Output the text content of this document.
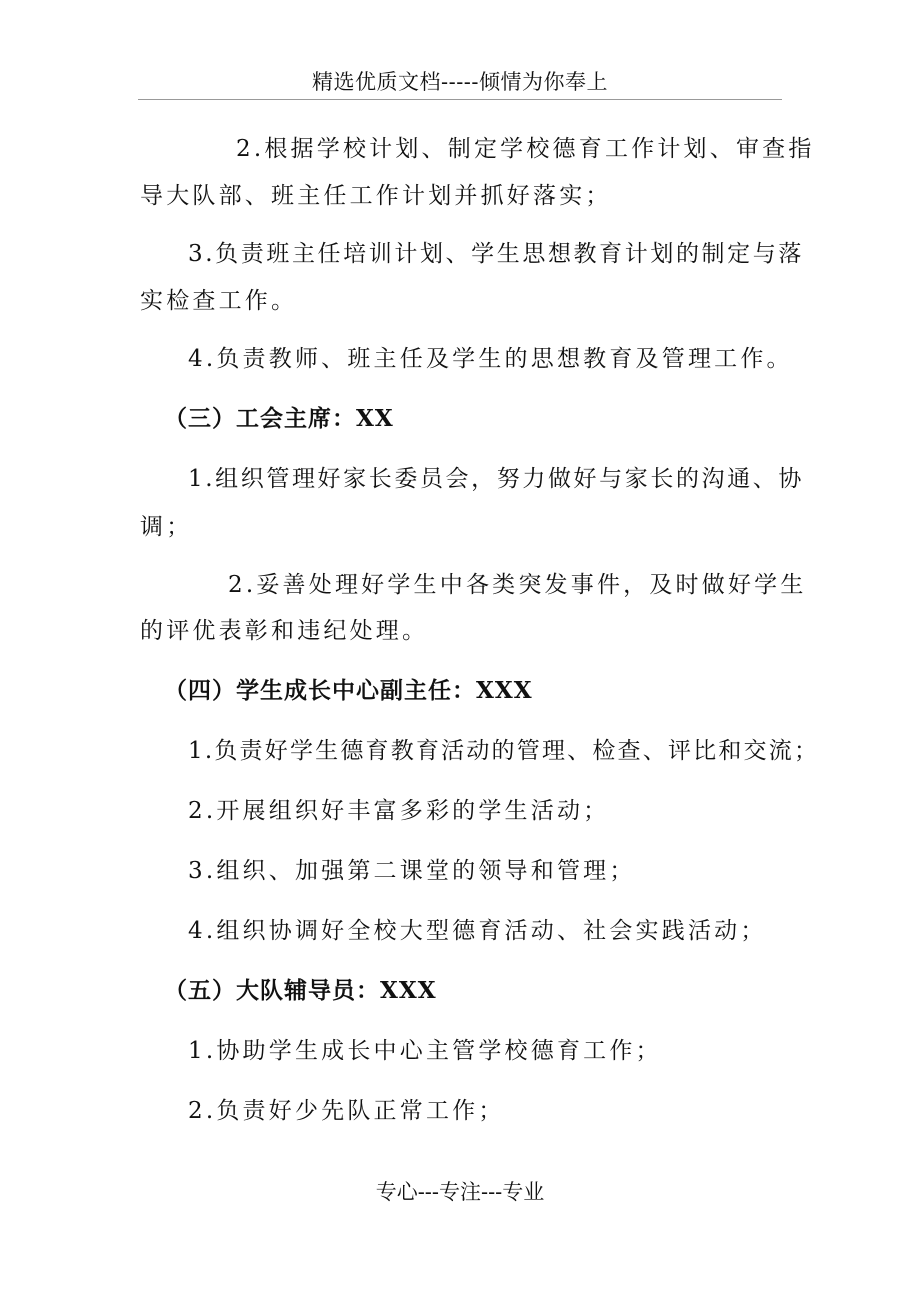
精选优质文档-----倾情为你奉上
2.根据学校计划、制定学校德育工作计划、审查指
导大队部、班主任工作计划并抓好落实；
3.负责班主任培训计划、学生思想教育计划的制定与落
实检查工作。
4.负责教师、班主任及学生的思想教育及管理工作。
（三）工会主席：XX
1.组织管理好家长委员会，努力做好与家长的沟通、协
调；
2.妥善处理好学生中各类突发事件，及时做好学生
的评优表彰和违纪处理。
（四）学生成长中心副主任：XXX
1.负责好学生德育教育活动的管理、检查、评比和交流；
2.开展组织好丰富多彩的学生活动；
3.组织、加强第二课堂的领导和管理；
4.组织协调好全校大型德育活动、社会实践活动；
（五）大队辅导员：XXX
1.协助学生成长中心主管学校德育工作；
2.负责好少先队正常工作；
专心---专注---专业
